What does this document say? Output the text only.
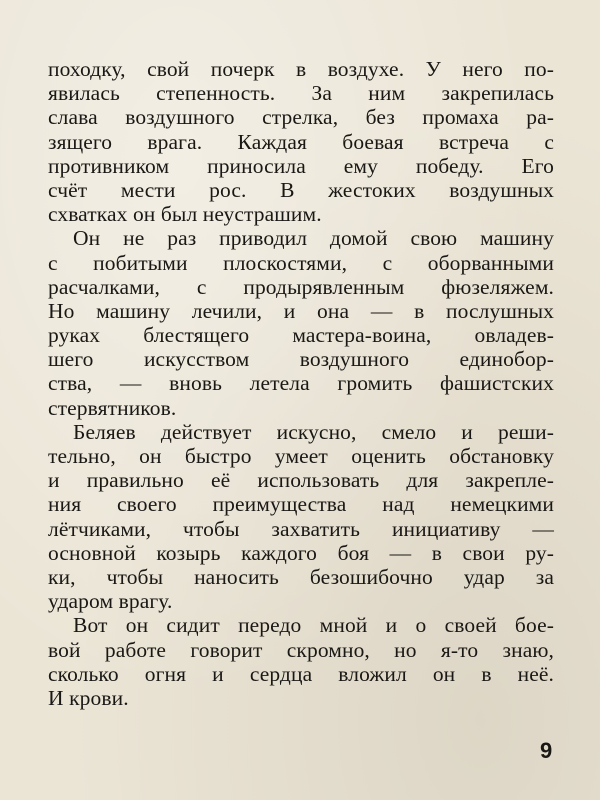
походку, свой почерк в воздухе. У него по-
явилась степенность. За ним закрепилась
слава воздушного стрелка, без промаха ра-
зящего врага. Каждая боевая встреча с
противником приносила ему победу. Его
счёт мести рос. В жестоких воздушных
схватках он был неустрашим.
Он не раз приводил домой свою машину
с побитыми плоскостями, с оборванными
расчалками, с продырявленным фюзеляжем.
Но машину лечили, и она — в послушных
руках блестящего мастера-воина, овладев-
шего искусством воздушного единобор-
ства, — вновь летела громить фашистских
стервятников.
Беляев действует искусно, смело и реши-
тельно, он быстро умеет оценить обстановку
и правильно её использовать для закрепле-
ния своего преимущества над немецкими
лётчиками, чтобы захватить инициативу —
основной козырь каждого боя — в свои ру-
ки, чтобы наносить безошибочно удар за
ударом врагу.
Вот он сидит передо мной и о своей бое-
вой работе говорит скромно, но я-то знаю,
сколько огня и сердца вложил он в неё.
И крови.
9
